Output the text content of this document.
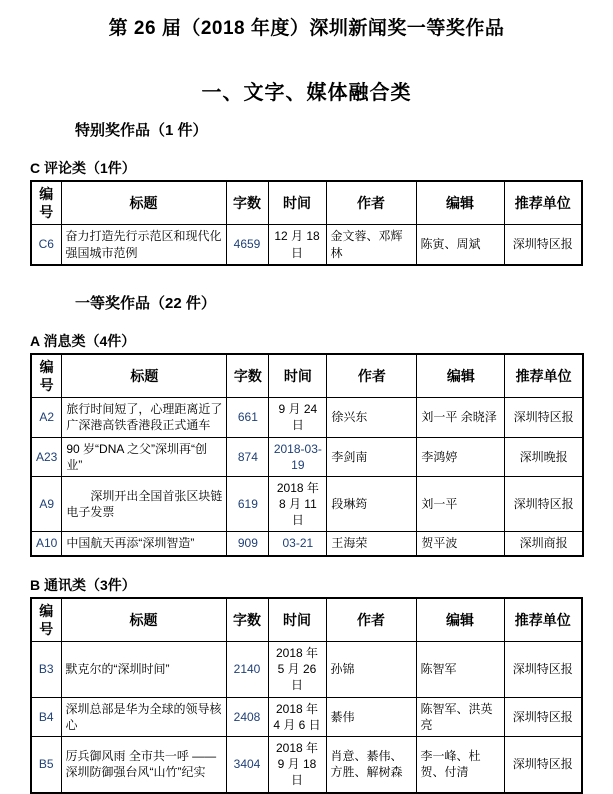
第 26 届（2018 年度）深圳新闻奖一等奖作品
一、文字、媒体融合类
特别奖作品（1 件）
C 评论类（1件）
编号	标题	字数	时间	作者	编辑	推荐单位
C6	奋力打造先行示范区和现代化强国城市范例	4659	12 月 18 日	金文蓉、邓辉林	陈寅、周斌	深圳特区报
一等奖作品（22 件）
A 消息类（4件）
编号	标题	字数	时间	作者	编辑	推荐单位
A2	旅行时间短了，心理距离近了 广深港高铁香港段正式通车	661	9 月 24 日	徐兴东	刘一平 余晓泽	深圳特区报
A23	90 岁“DNA 之父”深圳再“创业”	874	2018-03-19	李剑南	李鸿婷	深圳晚报
A9	　　深圳开出全国首张区块链电子发票	619	2018 年 8 月 11 日	段琳筠	刘一平	深圳特区报
A10	中国航天再添“深圳智造”	909	03-21	王海荣	贺平波	深圳商报
B 通讯类（3件）
编号	标题	字数	时间	作者	编辑	推荐单位
B3	默克尔的“深圳时间”	2140	2018 年 5 月 26 日	孙锦	陈智军	深圳特区报
B4	深圳总部是华为全球的领导核心	2408	2018 年 4 月 6 日	綦伟	陈智军、洪英亮	深圳特区报
B5	厉兵御风雨 全市共一呼 ——深圳防御强台风“山竹”纪实	3404	2018 年 9 月 18 日	肖意、綦伟、方胜、解树森	李一峰、杜贺、付清	深圳特区报
